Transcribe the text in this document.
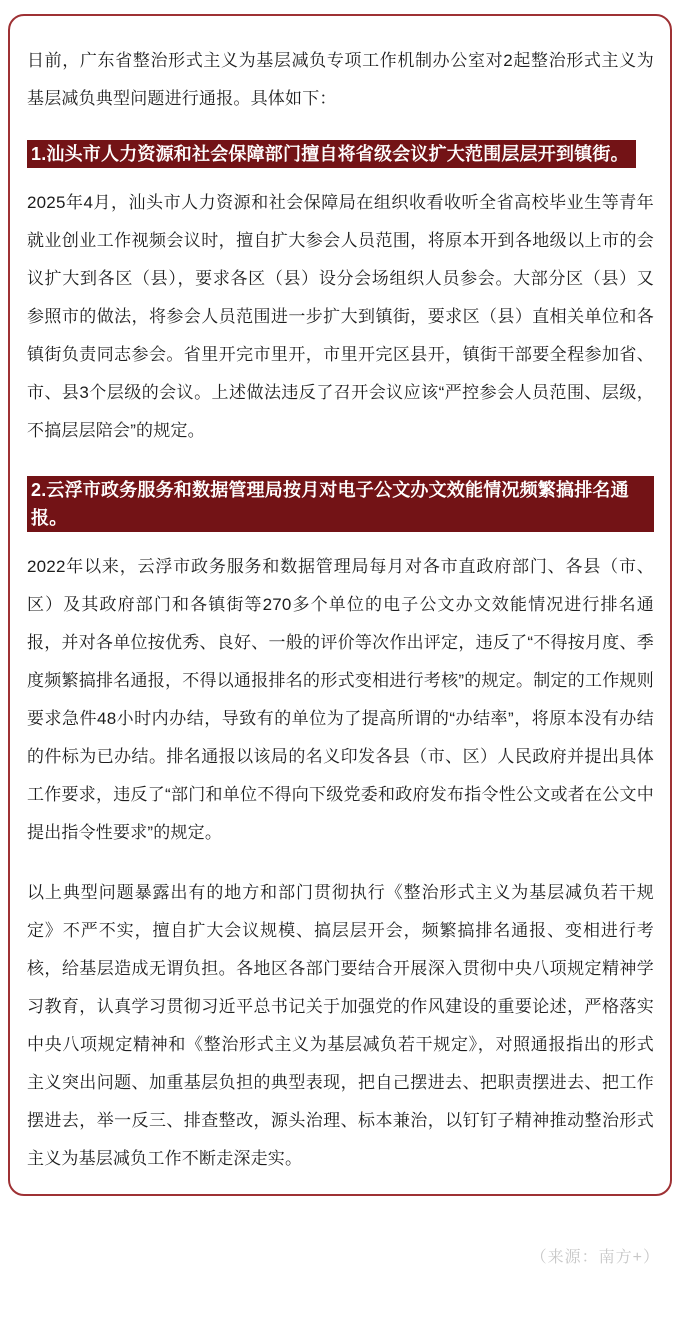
日前，广东省整治形式主义为基层减负专项工作机制办公室对2起整治形式主义为基层减负典型问题进行通报。具体如下：

1.汕头市人力资源和社会保障部门擅自将省级会议扩大范围层层开到镇街。

2025年4月，汕头市人力资源和社会保障局在组织收看收听全省高校毕业生等青年就业创业工作视频会议时，擅自扩大参会人员范围，将原本开到各地级以上市的会议扩大到各区（县），要求各区（县）设分会场组织人员参会。大部分区（县）又参照市的做法，将参会人员范围进一步扩大到镇街，要求区（县）直相关单位和各镇街负责同志参会。省里开完市里开，市里开完区县开，镇街干部要全程参加省、市、县3个层级的会议。上述做法违反了召开会议应该“严控参会人员范围、层级，不搞层层陪会”的规定。

2.云浮市政务服务和数据管理局按月对电子公文办文效能情况频繁搞排名通报。

2022年以来，云浮市政务服务和数据管理局每月对各市直政府部门、各县（市、区）及其政府部门和各镇街等270多个单位的电子公文办文效能情况进行排名通报，并对各单位按优秀、良好、一般的评价等次作出评定，违反了“不得按月度、季度频繁搞排名通报，不得以通报排名的形式变相进行考核”的规定。制定的工作规则要求急件48小时内办结，导致有的单位为了提高所谓的“办结率”，将原本没有办结的件标为已办结。排名通报以该局的名义印发各县（市、区）人民政府并提出具体工作要求，违反了“部门和单位不得向下级党委和政府发布指令性公文或者在公文中提出指令性要求”的规定。

以上典型问题暴露出有的地方和部门贯彻执行《整治形式主义为基层减负若干规定》不严不实，擅自扩大会议规模、搞层层开会，频繁搞排名通报、变相进行考核，给基层造成无谓负担。各地区各部门要结合开展深入贯彻中央八项规定精神学习教育，认真学习贯彻习近平总书记关于加强党的作风建设的重要论述，严格落实中央八项规定精神和《整治形式主义为基层减负若干规定》，对照通报指出的形式主义突出问题、加重基层负担的典型表现，把自己摆进去、把职责摆进去、把工作摆进去，举一反三、排查整改，源头治理、标本兼治，以钉钉子精神推动整治形式主义为基层减负工作不断走深走实。

（来源：南方+）
